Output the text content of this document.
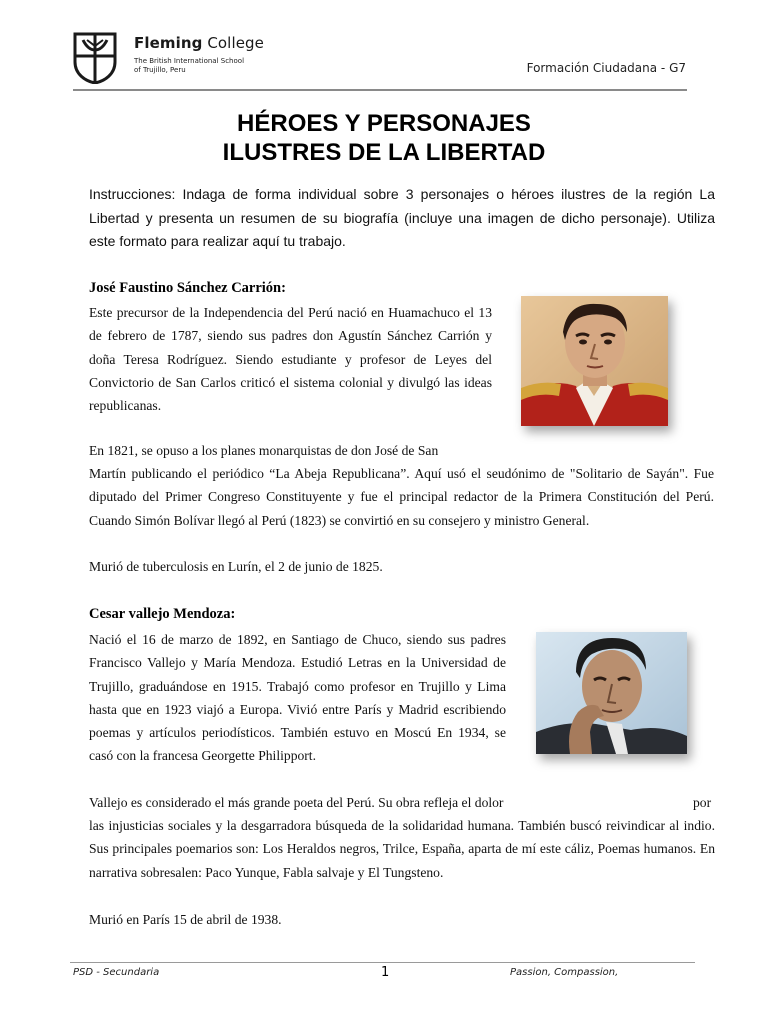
Fleming College
The British International School
of Trujillo, Peru	Formación Ciudadana - G7
HÉROES Y PERSONAJES
ILUSTRES DE LA LIBERTAD
Instrucciones: Indaga de forma individual sobre 3 personajes o héroes ilustres de la región La Libertad y presenta un resumen de su biografía (incluye una imagen de dicho personaje). Utiliza este formato para realizar aquí tu trabajo.
José Faustino Sánchez Carrión:
Este precursor de la Independencia del Perú nació en Huamachuco el 13 de febrero de 1787, siendo sus padres don Agustín Sánchez Carrión y doña Teresa Rodríguez. Siendo estudiante y profesor de Leyes del Convictorio de San Carlos criticó el sistema colonial y divulgó las ideas republicanas.
En 1821, se opuso a los planes monarquistas de don José de San
Martín publicando el periódico “La Abeja Republicana”. Aquí usó el seudónimo de "Solitario de Sayán". Fue diputado del Primer Congreso Constituyente y fue el principal redactor de la Primera Constitución del Perú. Cuando Simón Bolívar llegó al Perú (1823) se convirtió en su consejero y ministro General.
Murió de tuberculosis en Lurín, el 2 de junio de 1825.
Cesar vallejo Mendoza:
Nació el 16 de marzo de 1892, en Santiago de Chuco, siendo sus padres Francisco Vallejo y María Mendoza. Estudió Letras en la Universidad de Trujillo, graduándose en 1915. Trabajó como profesor en Trujillo y Lima hasta que en 1923 viajó a Europa. Vivió entre París y Madrid escribiendo poemas y artículos periodísticos. También estuvo en Moscú En 1934, se casó con la francesa Georgette Philipport.
Vallejo es considerado el más grande poeta del Perú. Su obra refleja el dolor	por
las injusticias sociales y la desgarradora búsqueda de la solidaridad humana. También buscó reivindicar al indio. Sus principales poemarios son: Los Heraldos negros, Trilce, España, aparta de mí este cáliz, Poemas humanos. En narrativa sobresalen: Paco Yunque, Fabla salvaje y El Tungsteno.
Murió en París 15 de abril de 1938.
PSD - Secundaria	1	Passion, Compassion,
